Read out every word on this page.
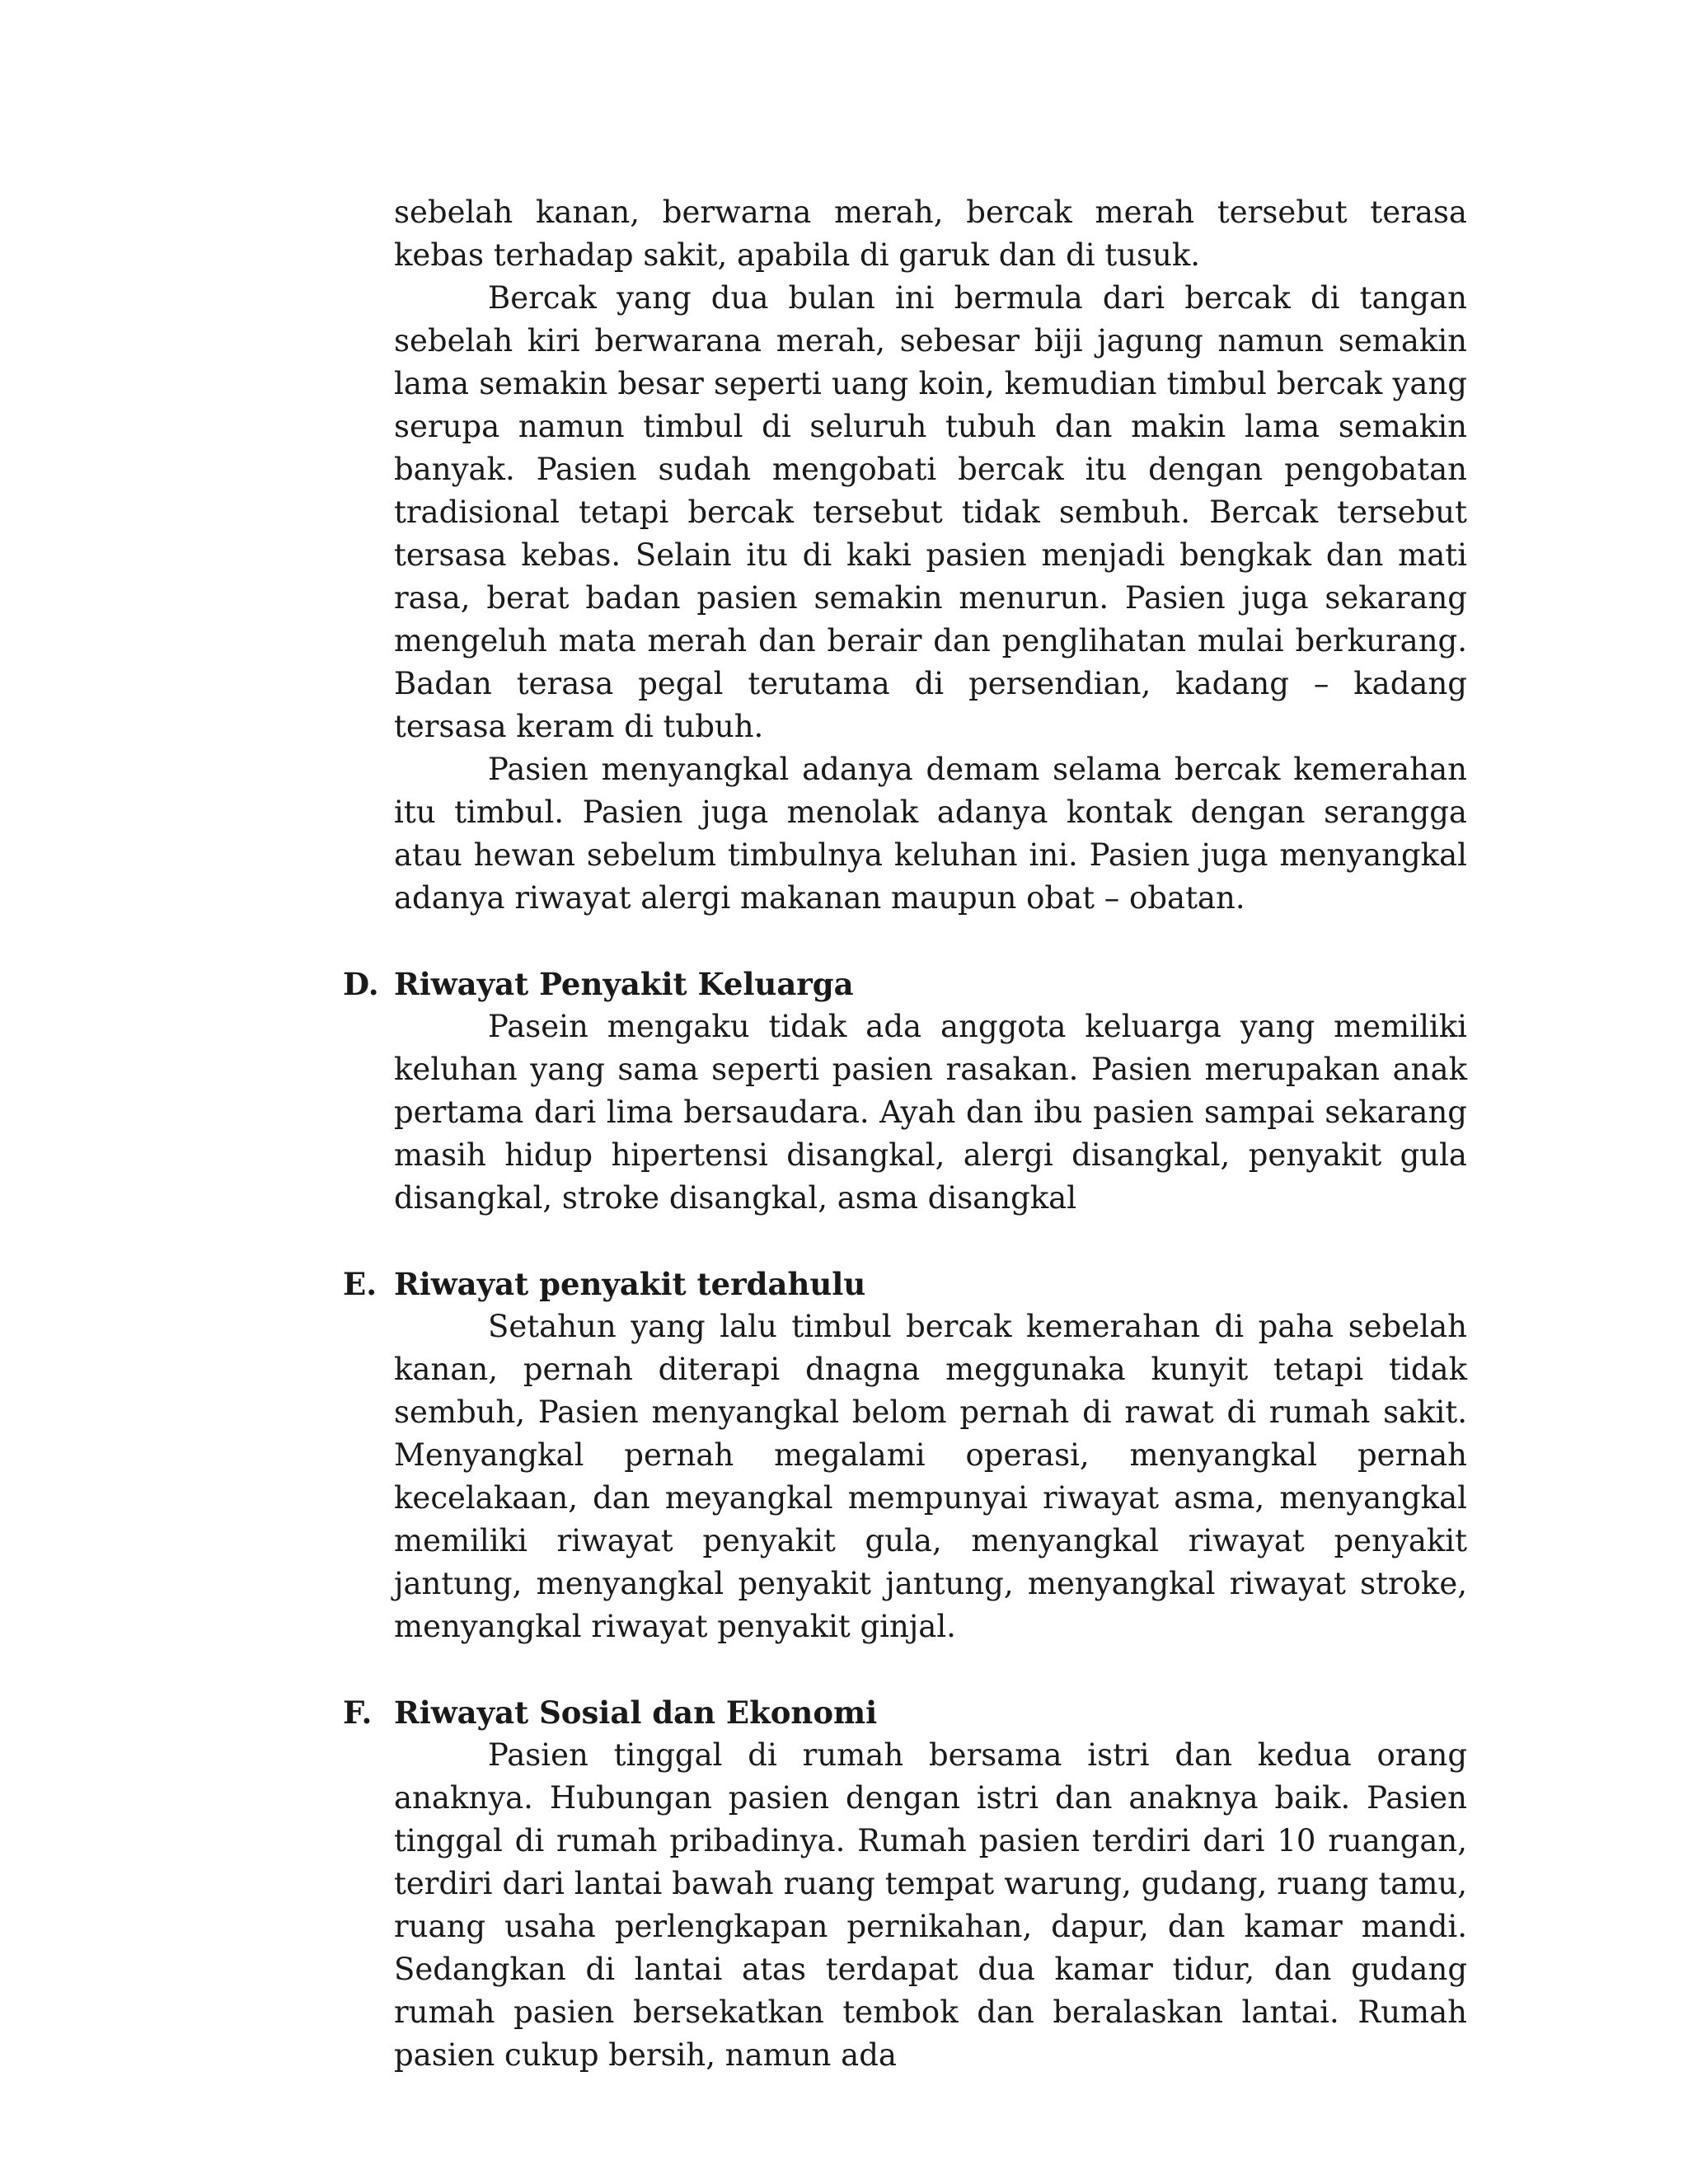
sebelah kanan, berwarna merah, bercak merah tersebut terasa kebas terhadap sakit, apabila di garuk dan di tusuk.

Bercak yang dua bulan ini bermula dari bercak di tangan sebelah kiri berwarana merah, sebesar biji jagung namun semakin lama semakin besar seperti uang koin, kemudian timbul bercak yang serupa namun timbul di seluruh tubuh dan makin lama semakin banyak. Pasien sudah mengobati bercak itu dengan pengobatan tradisional tetapi bercak tersebut tidak sembuh. Bercak tersebut tersasa kebas. Selain itu di kaki pasien menjadi bengkak dan mati rasa, berat badan pasien semakin menurun. Pasien juga sekarang mengeluh mata merah dan berair dan penglihatan mulai berkurang. Badan terasa pegal terutama di persendian, kadang – kadang tersasa keram di tubuh.

Pasien menyangkal adanya demam selama bercak kemerahan itu timbul. Pasien juga menolak adanya kontak dengan serangga atau hewan sebelum timbulnya keluhan ini. Pasien juga menyangkal adanya riwayat alergi makanan maupun obat – obatan.

D. Riwayat Penyakit Keluarga

Pasein mengaku tidak ada anggota keluarga yang memiliki keluhan yang sama seperti pasien rasakan. Pasien merupakan anak pertama dari lima bersaudara. Ayah dan ibu pasien sampai sekarang masih hidup hipertensi disangkal, alergi disangkal, penyakit gula disangkal, stroke disangkal, asma disangkal

E. Riwayat penyakit terdahulu

Setahun yang lalu timbul bercak kemerahan di paha sebelah kanan, pernah diterapi dnagna meggunaka kunyit tetapi tidak sembuh, Pasien menyangkal belom pernah di rawat di rumah sakit. Menyangkal pernah megalami operasi, menyangkal pernah kecelakaan, dan meyangkal mempunyai riwayat asma, menyangkal memiliki riwayat penyakit gula, menyangkal riwayat penyakit jantung, menyangkal penyakit jantung, menyangkal riwayat stroke, menyangkal riwayat penyakit ginjal.

F. Riwayat Sosial dan Ekonomi

Pasien tinggal di rumah bersama istri dan kedua orang anaknya. Hubungan pasien dengan istri dan anaknya baik. Pasien tinggal di rumah pribadinya. Rumah pasien terdiri dari 10 ruangan, terdiri dari lantai bawah ruang tempat warung, gudang, ruang tamu, ruang usaha perlengkapan pernikahan, dapur, dan kamar mandi. Sedangkan di lantai atas terdapat dua kamar tidur, dan gudang rumah pasien bersekatkan tembok dan beralaskan lantai. Rumah pasien cukup bersih, namun ada
